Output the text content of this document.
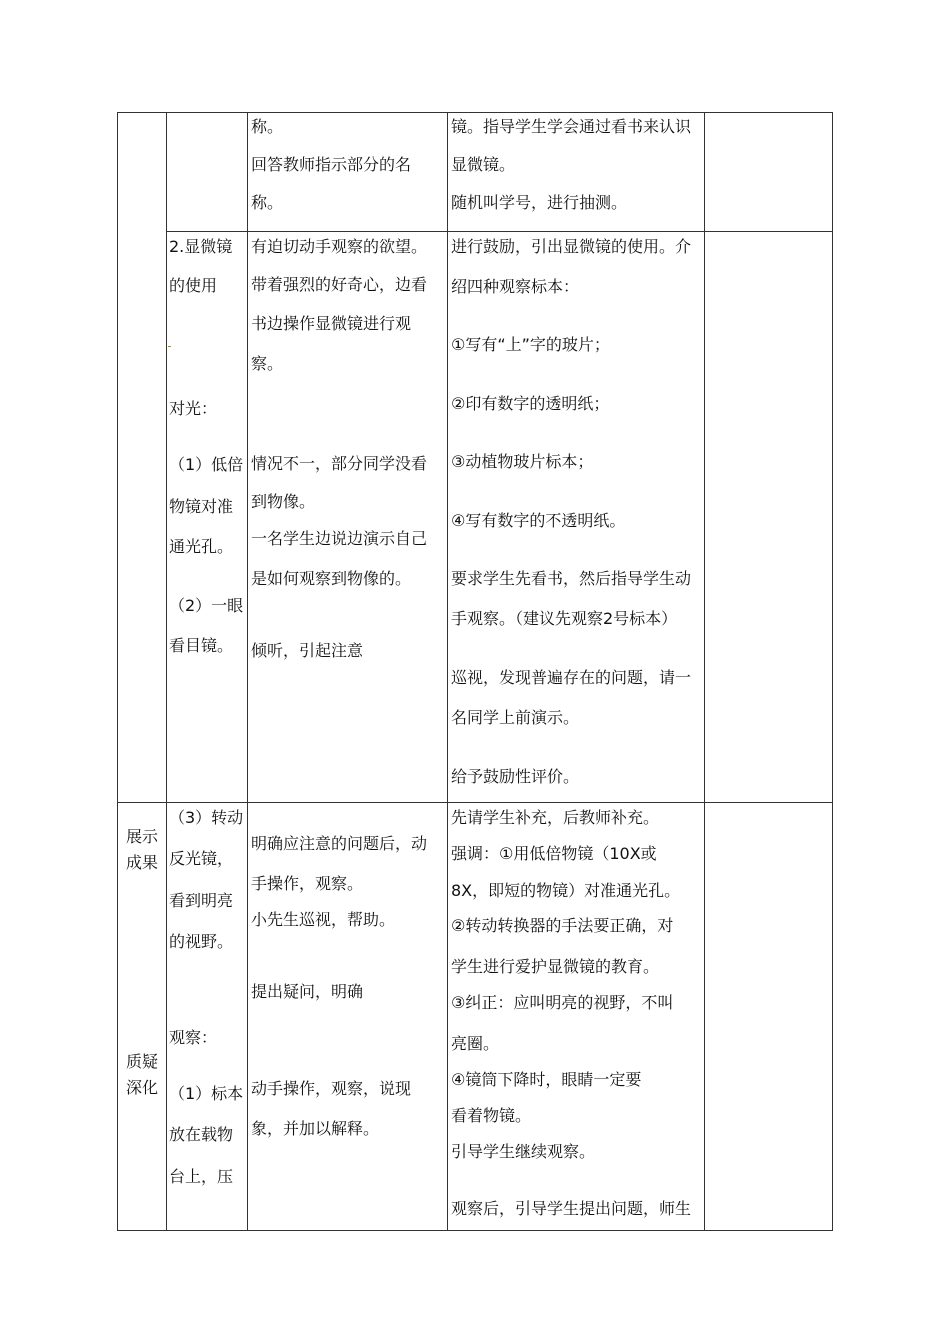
称。
回答教师指示部分的名
称。
镜。指导学生学会通过看书来认识
显微镜。
随机叫学号，进行抽测。
2.显微镜
的使用
对光：
（1）低倍
物镜对准
通光孔。
（2）一眼
看目镜。
有迫切动手观察的欲望。
带着强烈的好奇心，边看
书边操作显微镜进行观
察。
情况不一，部分同学没看
到物像。
一名学生边说边演示自己
是如何观察到物像的。
倾听，引起注意
进行鼓励，引出显微镜的使用。介
绍四种观察标本：
①写有“上”字的玻片；
②印有数字的透明纸；
③动植物玻片标本；
④写有数字的不透明纸。
要求学生先看书，然后指导学生动
手观察。（建议先观察2号标本）
巡视，发现普遍存在的问题，请一
名同学上前演示。
给予鼓励性评价。
展示
成果
质疑
深化
（3）转动
反光镜，
看到明亮
的视野。
观察：
（1）标本
放在载物
台上，压
明确应注意的问题后，动
手操作，观察。
小先生巡视，帮助。
提出疑问，明确
动手操作，观察，说现
象，并加以解释。
先请学生补充，后教师补充。
强调：①用低倍物镜（10X或
8X，即短的物镜）对准通光孔。
②转动转换器的手法要正确，对
学生进行爱护显微镜的教育。
③纠正：应叫明亮的视野，不叫
亮圈。
④镜筒下降时，眼睛一定要
看着物镜。
引导学生继续观察。
观察后，引导学生提出问题，师生
